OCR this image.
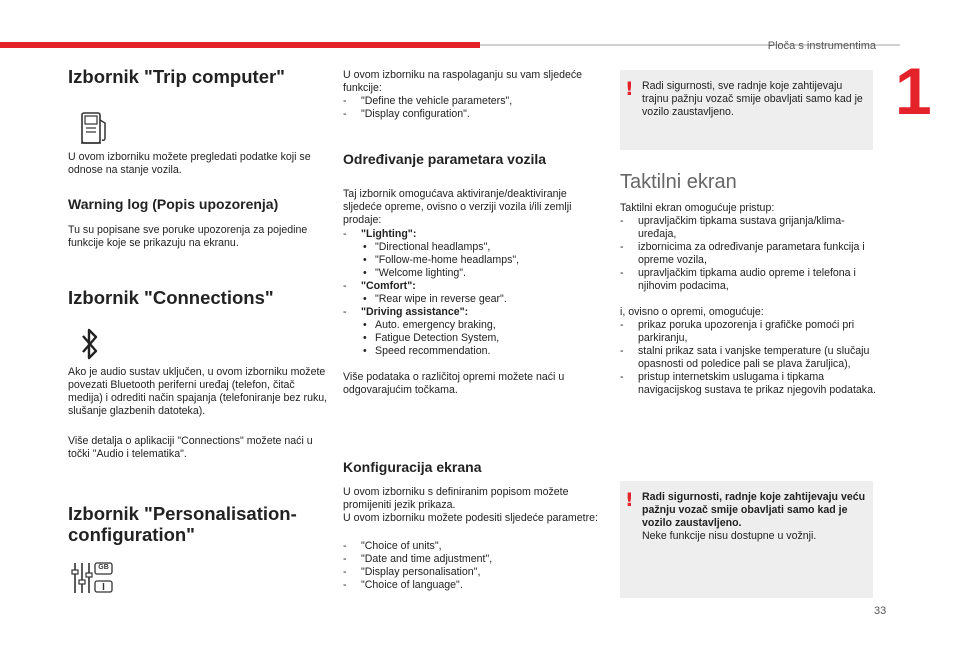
Ploča s instrumentima
1
33
Izbornik "Trip computer"

U ovom izborniku možete pregledati podatke koji se odnose na stanje vozila.

Warning log (Popis upozorenja)

Tu su popisane sve poruke upozorenja za pojedine funkcije koje se prikazuju na ekranu.

Izbornik "Connections"

Ako je audio sustav uključen, u ovom izborniku možete povezati Bluetooth periferni uređaj (telefon, čitač medija) i odrediti način spajanja (telefoniranje bez ruku, slušanje glazbenih datoteka).

Više detalja o aplikaciji "Connections" možete naći u točki "Audio i telematika".

Izbornik "Personalisation-configuration"
GB

U ovom izborniku na raspolaganju su vam sljedeće funkcije:

-	"Define the vehicle parameters",
-	"Display configuration".
Određivanje parametara vozila

Taj izbornik omogućava aktiviranje/deaktiviranje sljedeće opreme, ovisno o verziji vozila i/ili zemlji prodaje:

-	"Lighting":
• "Directional headlamps",
• "Follow-me-home headlamps",
• "Welcome lighting".
-	"Comfort":
• "Rear wipe in reverse gear".
-	"Driving assistance":
• Auto. emergency braking,
• Fatigue Detection System,
• Speed recommendation.

Više podataka o različitoj opremi možete naći u odgovarajućim točkama.

Konfiguracija ekrana

U ovom izborniku s definiranim popisom možete promijeniti jezik prikaza.

U ovom izborniku možete podesiti sljedeće parametre:

-	"Choice of units",
-	"Date and time adjustment",
-	"Display personalisation",
-	"Choice of language".
! Radi sigurnosti, sve radnje koje zahtijevaju trajnu pažnju vozač smije obavljati samo kad je vozilo zaustavljeno.
Taktilni ekran

Taktilni ekran omogućuje pristup:

-	upravljačkim tipkama sustava grijanja/klima-uređaja,
-	izbornicima za određivanje parametara funkcija i opreme vozila,
-	upravljačkim tipkama audio opreme i telefona i njihovim podacima,

i, ovisno o opremi, omogućuje:

-	prikaz poruka upozorenja i grafičke pomoći pri parkiranju,
-	stalni prikaz sata i vanjske temperature (u slučaju opasnosti od poledice pali se plava žaruljica),
-	pristup internetskim uslugama i tipkama navigacijskog sustava te prikaz njegovih podataka.
! Radi sigurnosti, radnje koje zahtijevaju veću pažnju vozač smije obavljati samo kad je vozilo zaustavljeno.
Neke funkcije nisu dostupne u vožnji.
